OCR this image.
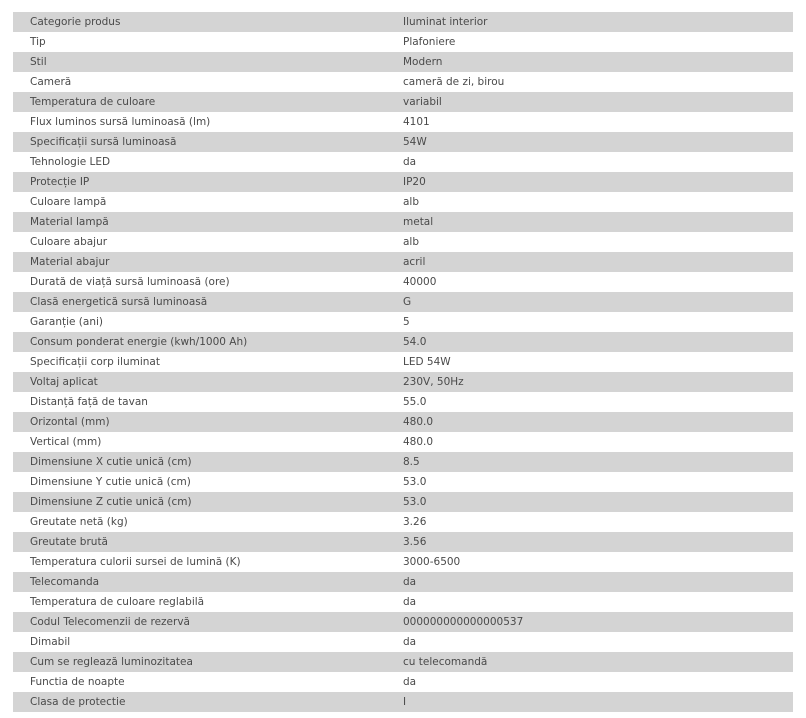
Categorie produs	Iluminat interior
Tip	Plafoniere
Stil	Modern
Cameră	cameră de zi, birou
Temperatura de culoare	variabil
Flux luminos sursă luminoasă (lm)	4101
Specificații sursă luminoasă	54W
Tehnologie LED	da
Protecție IP	IP20
Culoare lampă	alb
Material lampă	metal
Culoare abajur	alb
Material abajur	acril
Durată de viață sursă luminoasă (ore)	40000
Clasă energetică sursă luminoasă	G
Garanție (ani)	5
Consum ponderat energie (kwh/1000 Ah)	54.0
Specificații corp iluminat	LED 54W
Voltaj aplicat	230V, 50Hz
Distanță față de tavan	55.0
Orizontal (mm)	480.0
Vertical (mm)	480.0
Dimensiune X cutie unică (cm)	8.5
Dimensiune Y cutie unică (cm)	53.0
Dimensiune Z cutie unică (cm)	53.0
Greutate netă (kg)	3.26
Greutate brută	3.56
Temperatura culorii sursei de lumină (K)	3000-6500
Telecomanda	da
Temperatura de culoare reglabilă	da
Codul Telecomenzii de rezervă	000000000000000537
Dimabil	da
Cum se reglează luminozitatea	cu telecomandă
Functia de noapte	da
Clasa de protectie	I
